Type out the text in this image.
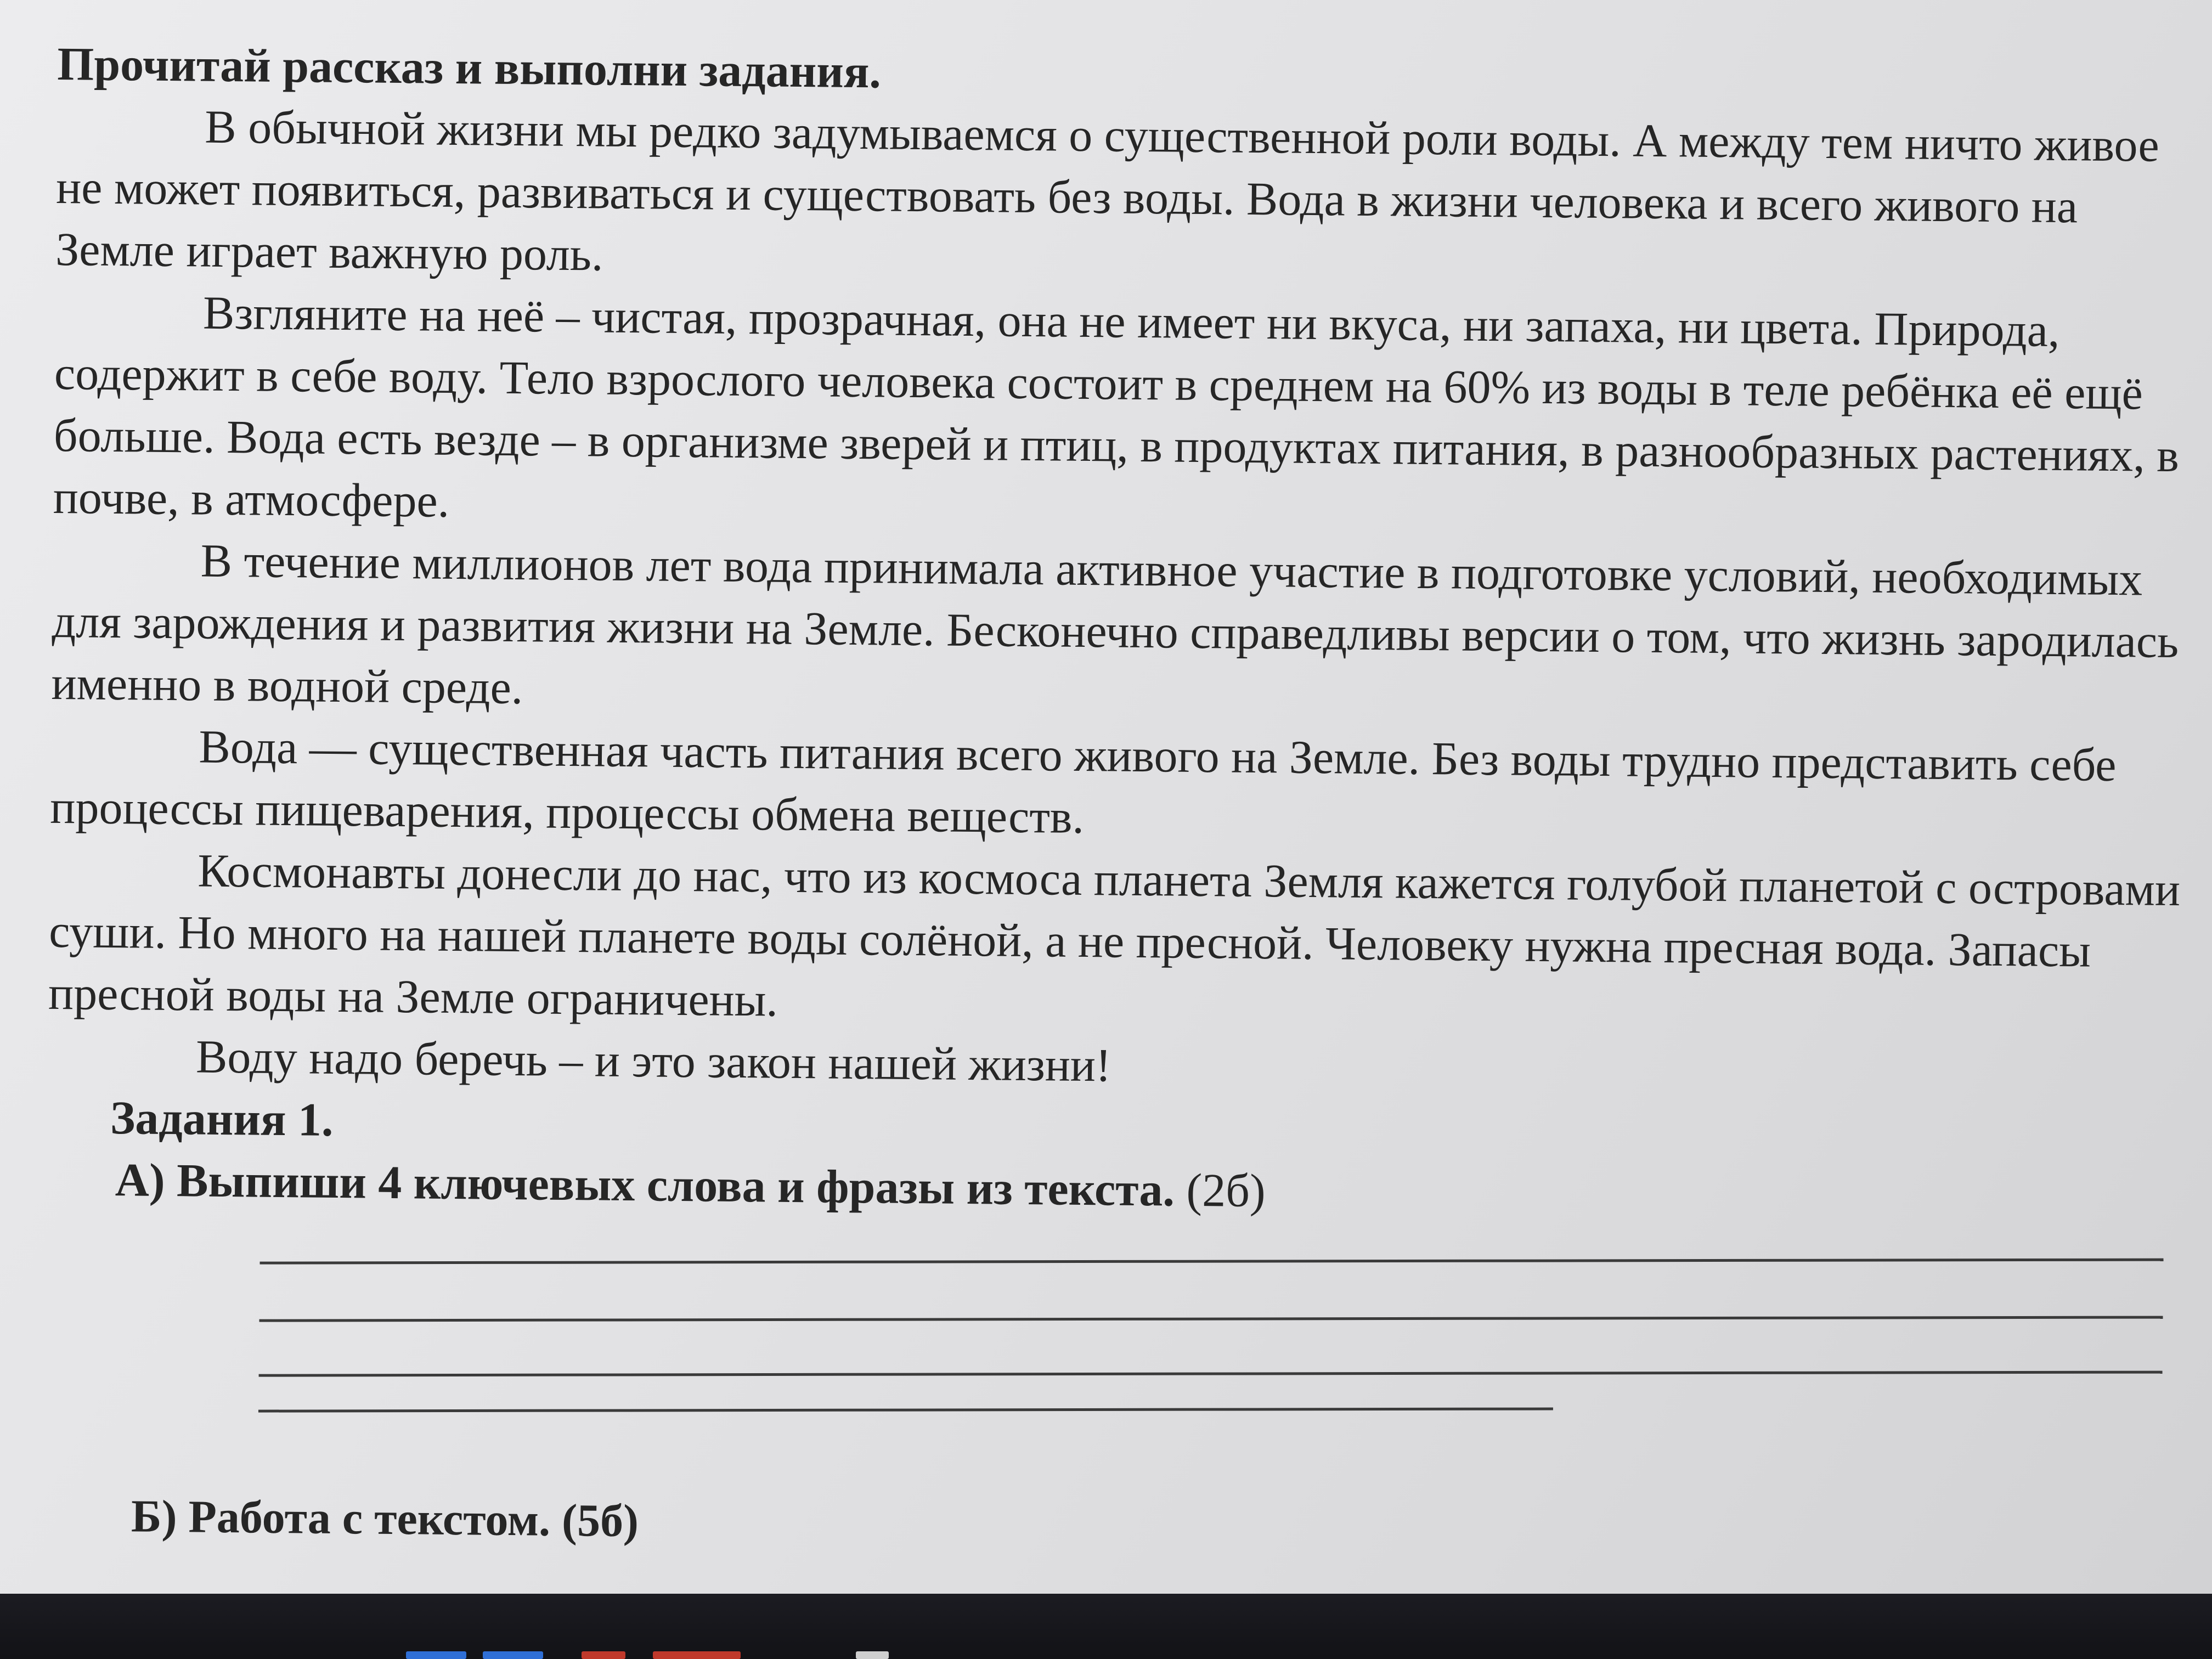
Прочитай рассказ и выполни задания.

В обычной жизни мы редко задумываемся о существенной роли воды. А между тем ничто живое не может появиться, развиваться и существовать без воды. Вода в жизни человека и всего живого на Земле играет важную роль.

Взгляните на неё – чистая, прозрачная, она не имеет ни вкуса, ни запаха, ни цвета. Природа, содержит в себе воду. Тело взрослого человека состоит в среднем на 60% из воды в теле ребёнка её ещё больше. Вода есть везде – в организме зверей и птиц, в продуктах питания, в разнообразных растениях, в почве, в атмосфере.

В течение миллионов лет вода принимала активное участие в подготовке условий, необходимых для зарождения и развития жизни на Земле. Бесконечно справедливы версии о том, что жизнь зародилась именно в водной среде.

Вода — существенная часть питания всего живого на Земле. Без воды трудно представить себе процессы пищеварения, процессы обмена веществ.

Космонавты донесли до нас, что из космоса планета Земля кажется голубой планетой с островами суши. Но много на нашей планете воды солёной, а не пресной. Человеку нужна пресная вода. Запасы пресной воды на Земле ограничены.

Воду надо беречь – и это закон нашей жизни!

Задания 1.

А) Выпиши 4 ключевых слова и фразы из текста. (2б)

Б) Работа с текстом. (5б)
